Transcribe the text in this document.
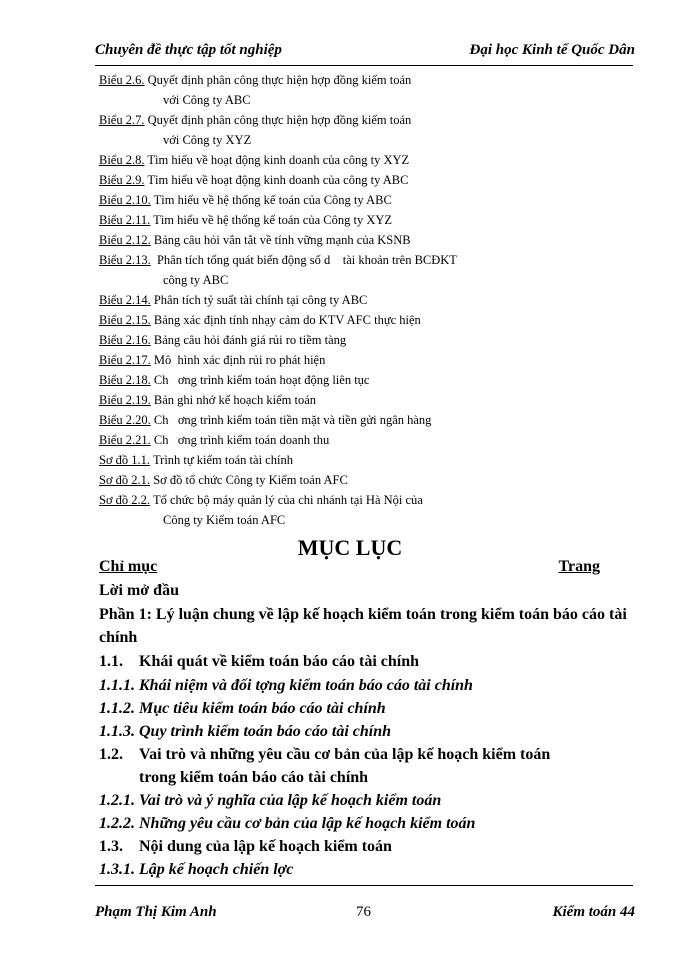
Chuyên đề thực tập tốt nghiệp	Đại học Kinh tế Quốc Dân
Biểu 2.6. Quyết định phân công thực hiện hợp đồng kiểm toán
với Công ty ABC
Biểu 2.7. Quyết định phân công thực hiện hợp đồng kiểm toán
với Công ty XYZ
Biểu 2.8. Tìm hiểu về hoạt động kinh doanh của công ty XYZ
Biểu 2.9. Tìm hiểu về hoạt động kinh doanh của công ty ABC
Biểu 2.10. Tìm hiểu về hệ thống kế toán của Công ty ABC
Biểu 2.11. Tìm hiểu về hệ thống kế toán của Công ty XYZ
Biểu 2.12. Bảng câu hỏi vắn tắt về tính vững mạnh của KSNB
Biểu 2.13.  Phân tích tổng quát biến động số d    tài khoản trên BCĐKT
công ty ABC
Biểu 2.14. Phân tích tỷ suất tài chính tại công ty ABC
Biểu 2.15. Bảng xác định tính nhạy cảm do KTV AFC thực hiện
Biểu 2.16. Bảng câu hỏi đánh giá rủi ro tiềm tàng
Biểu 2.17. Mô  hình xác định rủi ro phát hiện
Biểu 2.18. Ch   ơng trình kiểm toán hoạt động liên tục
Biểu 2.19. Bản ghi nhớ kế hoạch kiểm toán
Biểu 2.20. Ch   ơng trình kiểm toán tiền mặt và tiền gửi ngân hàng
Biểu 2.21. Ch   ơng trình kiểm toán doanh thu
Sơ đồ 1.1. Trình tự kiểm toán tài chính
Sơ đồ 2.1. Sơ đồ tổ chức Công ty Kiểm toán AFC
Sơ đồ 2.2. Tổ chức bộ máy quản lý của chi nhánh tại Hà Nội của
Công ty Kiểm toán AFC
MỤC LỤC
Chỉ mục	Trang
Lời mở đầu
Phần 1: Lý luận chung về lập kế hoạch kiểm toán trong kiểm toán báo cáo tài
chính
1.1. Khái quát về kiểm toán báo cáo tài chính
1.1.1. Khái niệm và đối tợng kiểm toán báo cáo tài chính
1.1.2. Mục tiêu kiểm toán báo cáo tài chính
1.1.3. Quy trình kiểm toán báo cáo tài chính
1.2. Vai trò và những yêu cầu cơ bản của lập kế hoạch kiểm toán
trong kiểm toán báo cáo tài chính
1.2.1. Vai trò và ý nghĩa của lập kế hoạch kiểm toán
1.2.2. Những yêu cầu cơ bản của lập kế hoạch kiểm toán
1.3. Nội dung của lập kế hoạch kiểm toán
1.3.1. Lập kế hoạch chiến lợc
Phạm Thị Kim Anh	76	Kiểm toán 44
